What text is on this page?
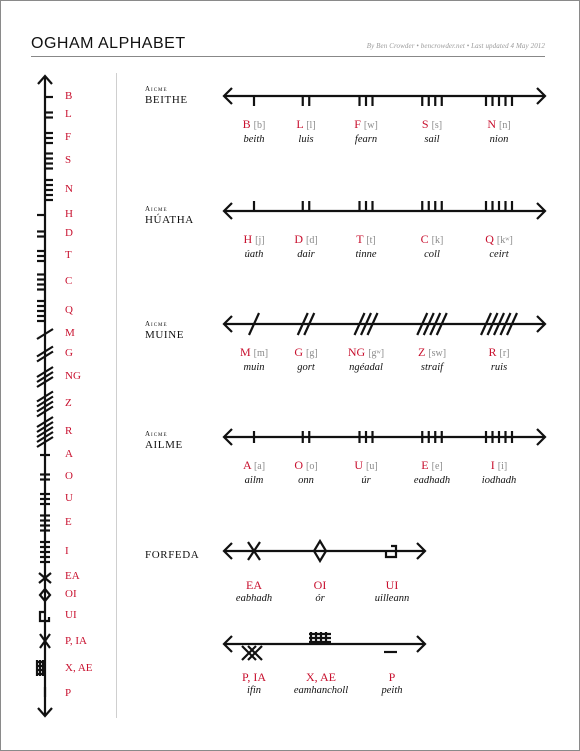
OGHAM ALPHABET	By Ben Crowder • bencrowder.net • Last updated 4 May 2012
B
L
F
S
N
H
D
T
C
Q
M
G
NG
Z
R
A
O
U
E
I
EA
OI
UI
P, IA
X, AE
P
Aicme
BEITHE
B [b]
beith
L [l]
luis
F [w]
fearn
S [s]
sail
N [n]
nion
Aicme
HÚATHA
H [j]
úath
D [d]
dair
T [t]
tinne
C [k]
coll
Q [kʷ]
ceirt
Aicme
MUINE
M [m]
muin
G [g]
gort
NG [gʷ]
ngéadal
Z [sw]
straif
R [r]
ruis
Aicme
AILME
A [a]
ailm
O [o]
onn
U [u]
úr
E [e]
eadhadh
I [i]
iodhadh
FORFEDA
EA
eabhadh
OI
ór
UI
uilleann
P, IA
ifin
X, AE
eamhancholl
P
peith
